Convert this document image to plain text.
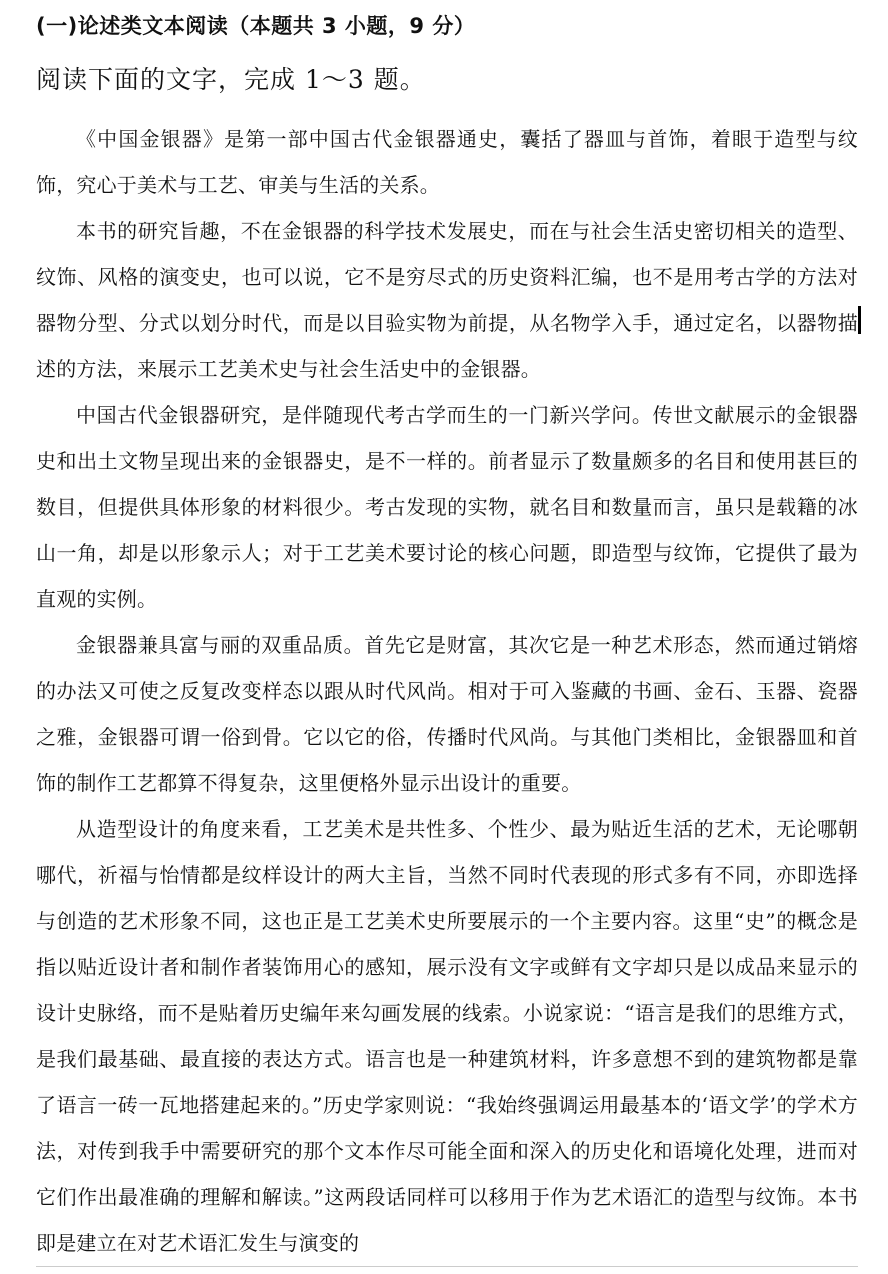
(一)论述类文本阅读（本题共 3 小题，9 分）
阅读下面的文字，完成 1～3 题。

《中国金银器》是第一部中国古代金银器通史，囊括了器皿与首饰，着眼于造型与纹饰，究心于美术与工艺、审美与生活的关系。

本书的研究旨趣，不在金银器的科学技术发展史，而在与社会生活史密切相关的造型、纹饰、风格的演变史，也可以说，它不是穷尽式的历史资料汇编，也不是用考古学的方法对器物分型、分式以划分时代，而是以目验实物为前提，从名物学入手，通过定名，以器物描述的方法，来展示工艺美术史与社会生活史中的金银器。

中国古代金银器研究，是伴随现代考古学而生的一门新兴学问。传世文献展示的金银器史和出土文物呈现出来的金银器史，是不一样的。前者显示了数量颇多的名目和使用甚巨的数目，但提供具体形象的材料很少。考古发现的实物，就名目和数量而言，虽只是载籍的冰山一角，却是以形象示人；对于工艺美术要讨论的核心问题，即造型与纹饰，它提供了最为直观的实例。

金银器兼具富与丽的双重品质。首先它是财富，其次它是一种艺术形态，然而通过销熔的办法又可使之反复改变样态以跟从时代风尚。相对于可入鉴藏的书画、金石、玉器、瓷器之雅，金银器可谓一俗到骨。它以它的俗，传播时代风尚。与其他门类相比，金银器皿和首饰的制作工艺都算不得复杂，这里便格外显示出设计的重要。

从造型设计的角度来看，工艺美术是共性多、个性少、最为贴近生活的艺术，无论哪朝哪代，祈福与怡情都是纹样设计的两大主旨，当然不同时代表现的形式多有不同，亦即选择与创造的艺术形象不同，这也正是工艺美术史所要展示的一个主要内容。这里“史”的概念是指以贴近设计者和制作者装饰用心的感知，展示没有文字或鲜有文字却只是以成品来显示的设计史脉络，而不是贴着历史编年来勾画发展的线索。小说家说：“语言是我们的思维方式，是我们最基础、最直接的表达方式。语言也是一种建筑材料，许多意想不到的建筑物都是靠了语言一砖一瓦地搭建起来的。”历史学家则说：“我始终强调运用最基本的‘语文学’的学术方法，对传到我手中需要研究的那个文本作尽可能全面和深入的历史化和语境化处理，进而对它们作出最准确的理解和解读。”这两段话同样可以移用于作为艺术语汇的造型与纹饰。本书即是建立在对艺术语汇发生与演变的
